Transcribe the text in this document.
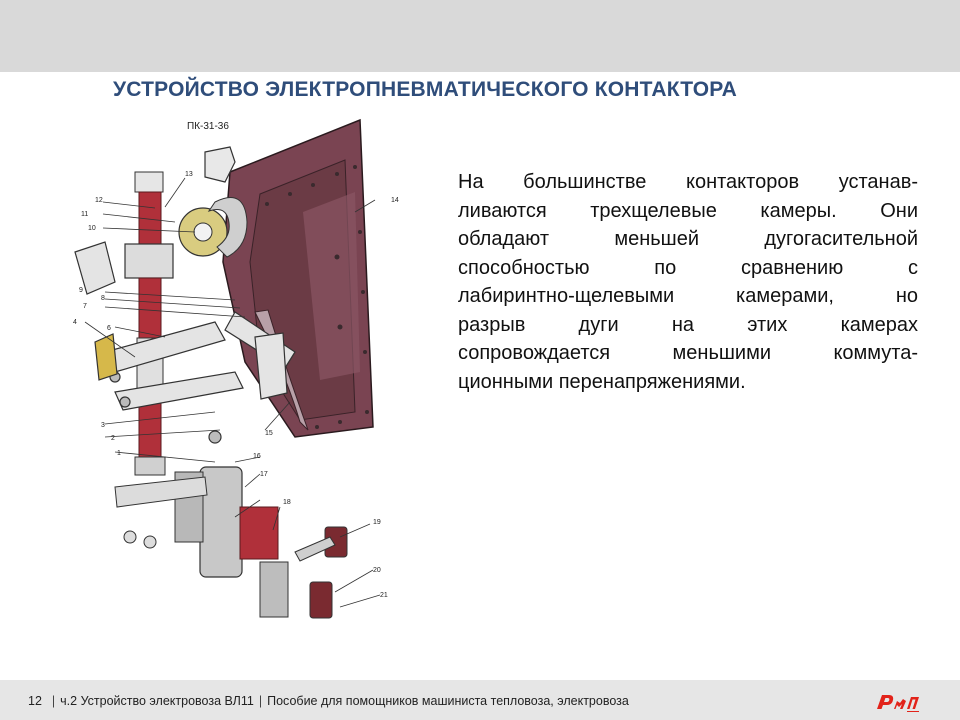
УСТРОЙСТВО ЭЛЕКТРОПНЕВМАТИЧЕСКОГО КОНТАКТОРА
ПК-31-36
12
11
10
13
14
9
8
7
4
6
3
2
1
15
16
17
18
19
20
21

На большинстве контакторов устанав-
ливаются трехщелевые камеры. Они
обладают меньшей дугогасительной
способностью по сравнению с
лабиринтно-щелевыми камерами, но
разрыв дуги на этих камерах
сопровождается меньшими коммута-
ционными перенапряжениями.

12 | ч.2 Устройство электровоза ВЛ11 | Пособие для помощников машиниста тепловоза, электровоза
